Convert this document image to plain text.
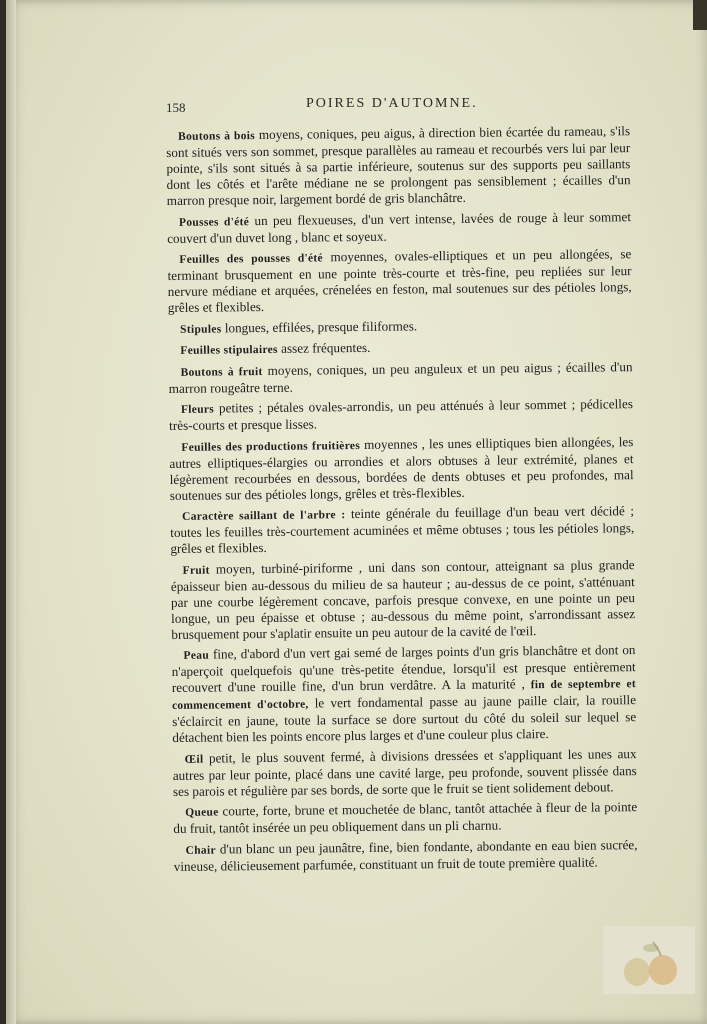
158	POIRES D'AUTOMNE.

Boutons à bois moyens, coniques, peu aigus, à direction bien écartée du rameau, s'ils sont situés vers son sommet, presque parallèles au rameau et recourbés vers lui par leur pointe, s'ils sont situés à sa partie inférieure, soutenus sur des supports peu saillants dont les côtés et l'arête médiane ne se prolongent pas sensiblement ; écailles d'un marron presque noir, largement bordé de gris blanchâtre.

Pousses d'été un peu flexueuses, d'un vert intense, lavées de rouge à leur sommet couvert d'un duvet long , blanc et soyeux.

Feuilles des pousses d'été moyennes, ovales-elliptiques et un peu allongées, se terminant brusquement en une pointe très-courte et très-fine, peu repliées sur leur nervure médiane et arquées, crénelées en feston, mal soutenues sur des pétioles longs, grêles et flexibles.

Stipules longues, effilées, presque filiformes.

Feuilles stipulaires assez fréquentes.

Boutons à fruit moyens, coniques, un peu anguleux et un peu aigus ; écailles d'un marron rougeâtre terne.

Fleurs petites ; pétales ovales-arrondis, un peu atténués à leur sommet ; pédicelles très-courts et presque lisses.

Feuilles des productions fruitières moyennes , les unes elliptiques bien allongées, les autres elliptiques-élargies ou arrondies et alors obtuses à leur extrémité, planes et légèrement recourbées en dessous, bordées de dents obtuses et peu profondes, mal soutenues sur des pétioles longs, grêles et très-flexibles.

Caractère saillant de l'arbre : teinte générale du feuillage d'un beau vert décidé ; toutes les feuilles très-courtement acuminées et même obtuses ; tous les pétioles longs, grêles et flexibles.

Fruit moyen, turbiné-piriforme , uni dans son contour, atteignant sa plus grande épaisseur bien au-dessous du milieu de sa hauteur ; au-dessus de ce point, s'atténuant par une courbe légèrement concave, parfois presque convexe, en une pointe un peu longue, un peu épaisse et obtuse ; au-dessous du même point, s'arrondissant assez brusquement pour s'aplatir ensuite un peu autour de la cavité de l'œil.

Peau fine, d'abord d'un vert gai semé de larges points d'un gris blanchâtre et dont on n'aperçoit quelquefois qu'une très-petite étendue, lorsqu'il est presque entièrement recouvert d'une rouille fine, d'un brun verdâtre. A la maturité , fin de septembre et commencement d'octobre, le vert fondamental passe au jaune paille clair, la rouille s'éclaircit en jaune, toute la surface se dore surtout du côté du soleil sur lequel se détachent bien les points encore plus larges et d'une couleur plus claire.

Œil petit, le plus souvent fermé, à divisions dressées et s'appliquant les unes aux autres par leur pointe, placé dans une cavité large, peu profonde, souvent plissée dans ses parois et régulière par ses bords, de sorte que le fruit se tient solidement debout.

Queue courte, forte, brune et mouchetée de blanc, tantôt attachée à fleur de la pointe du fruit, tantôt insérée un peu obliquement dans un pli charnu.

Chair d'un blanc un peu jaunâtre, fine, bien fondante, abondante en eau bien sucrée, vineuse, délicieusement parfumée, constituant un fruit de toute première qualité.
